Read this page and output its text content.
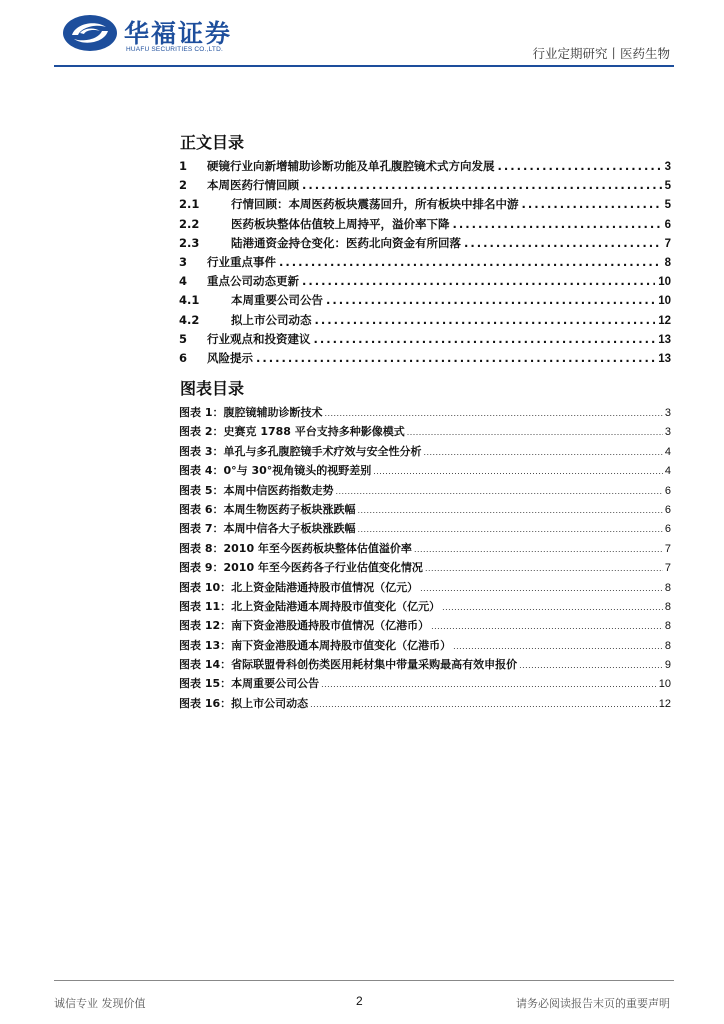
华福证券
HUAFU SECURITIES CO.,LTD.	行业定期研究丨医药生物
正文目录
1	硬镜行业向新增辅助诊断功能及单孔腹腔镜术式方向发展 .....	3
2	本周医药行情回顾 .....	5
2.1	行情回顾：本周医药板块震荡回升，所有板块中排名中游 .....	5
2.2	医药板块整体估值较上周持平，溢价率下降 .....	6
2.3	陆港通资金持仓变化：医药北向资金有所回落 .....	7
3	行业重点事件 .....	8
4	重点公司动态更新 .....	10
4.1	本周重要公司公告 .....	10
4.2	拟上市公司动态 .....	12
5	行业观点和投资建议 .....	13
6	风险提示 .....	13
图表目录
图表 1：腹腔镜辅助诊断技术 .....	3
图表 2：史赛克 1788 平台支持多种影像模式 .....	3
图表 3：单孔与多孔腹腔镜手术疗效与安全性分析 .....	4
图表 4：0°与 30°视角镜头的视野差别 .....	4
图表 5：本周中信医药指数走势 .....	6
图表 6：本周生物医药子板块涨跌幅 .....	6
图表 7：本周中信各大子板块涨跌幅 .....	6
图表 8：2010 年至今医药板块整体估值溢价率 .....	7
图表 9：2010 年至今医药各子行业估值变化情况 .....	7
图表 10：北上资金陆港通持股市值情况（亿元） .....	8
图表 11：北上资金陆港通本周持股市值变化（亿元） .....	8
图表 12：南下资金港股通持股市值情况（亿港币） .....	8
图表 13：南下资金港股通本周持股市值变化（亿港币） .....	8
图表 14：省际联盟骨科创伤类医用耗材集中带量采购最高有效申报价 .....	9
图表 15：本周重要公司公告 .....	10
图表 16：拟上市公司动态 .....	12
诚信专业 发现价值	2	请务必阅读报告末页的重要声明
